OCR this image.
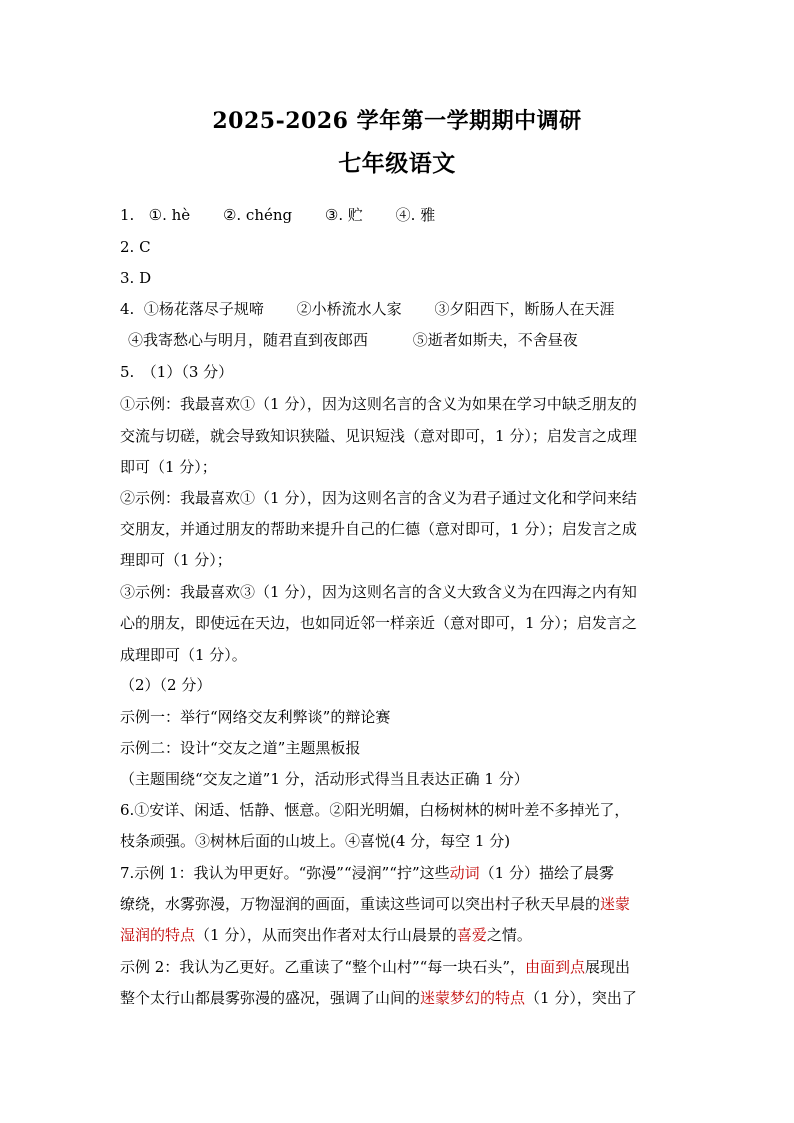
2025-2026 学年第一学期期中调研
七年级语文
1. ①. hè ②. chéng ③. 贮 ④. 雅
2. C
3. D
4. ①杨花落尽子规啼 ②小桥流水人家 ③夕阳西下，断肠人在天涯
④我寄愁心与明月，随君直到夜郎西	⑤逝者如斯夫，不舍昼夜
5.　（1）（3 分）
①示例：我最喜欢①（1 分），因为这则名言的含义为如果在学习中缺乏朋友的
交流与切磋，就会导致知识狭隘、见识短浅（意对即可，1 分）；启发言之成理
即可（1 分）；
②示例：我最喜欢①（1 分），因为这则名言的含义为君子通过文化和学问来结
交朋友，并通过朋友的帮助来提升自己的仁德（意对即可，1 分）；启发言之成
理即可（1 分）；
③示例：我最喜欢③（1 分），因为这则名言的含义大致含义为在四海之内有知
心的朋友，即使远在天边，也如同近邻一样亲近（意对即可，1 分）；启发言之
成理即可（1 分）。
（2）（2 分）
示例一：举行“网络交友利弊谈”的辩论赛
示例二：设计“交友之道”主题黑板报
（主题围绕“交友之道”1 分，活动形式得当且表达正确 1 分）
6.①安详、闲适、恬静、惬意。②阳光明媚，白杨树林的树叶差不多掉光了，
枝条顽强。③树林后面的山坡上。④喜悦(4 分，每空 1 分)
7.示例 1：我认为甲更好。“弥漫”“浸润”“拧”这些动词（1 分）描绘了晨雾
缭绕，水雾弥漫，万物湿润的画面，重读这些词可以突出村子秋天早晨的迷蒙
湿润的特点（1 分），从而突出作者对太行山晨景的喜爱之情。
示例 2：我认为乙更好。乙重读了“整个山村”“每一块石头”，由面到点展现出
整个太行山都晨雾弥漫的盛况，强调了山间的迷蒙梦幻的特点（1 分），突出了
